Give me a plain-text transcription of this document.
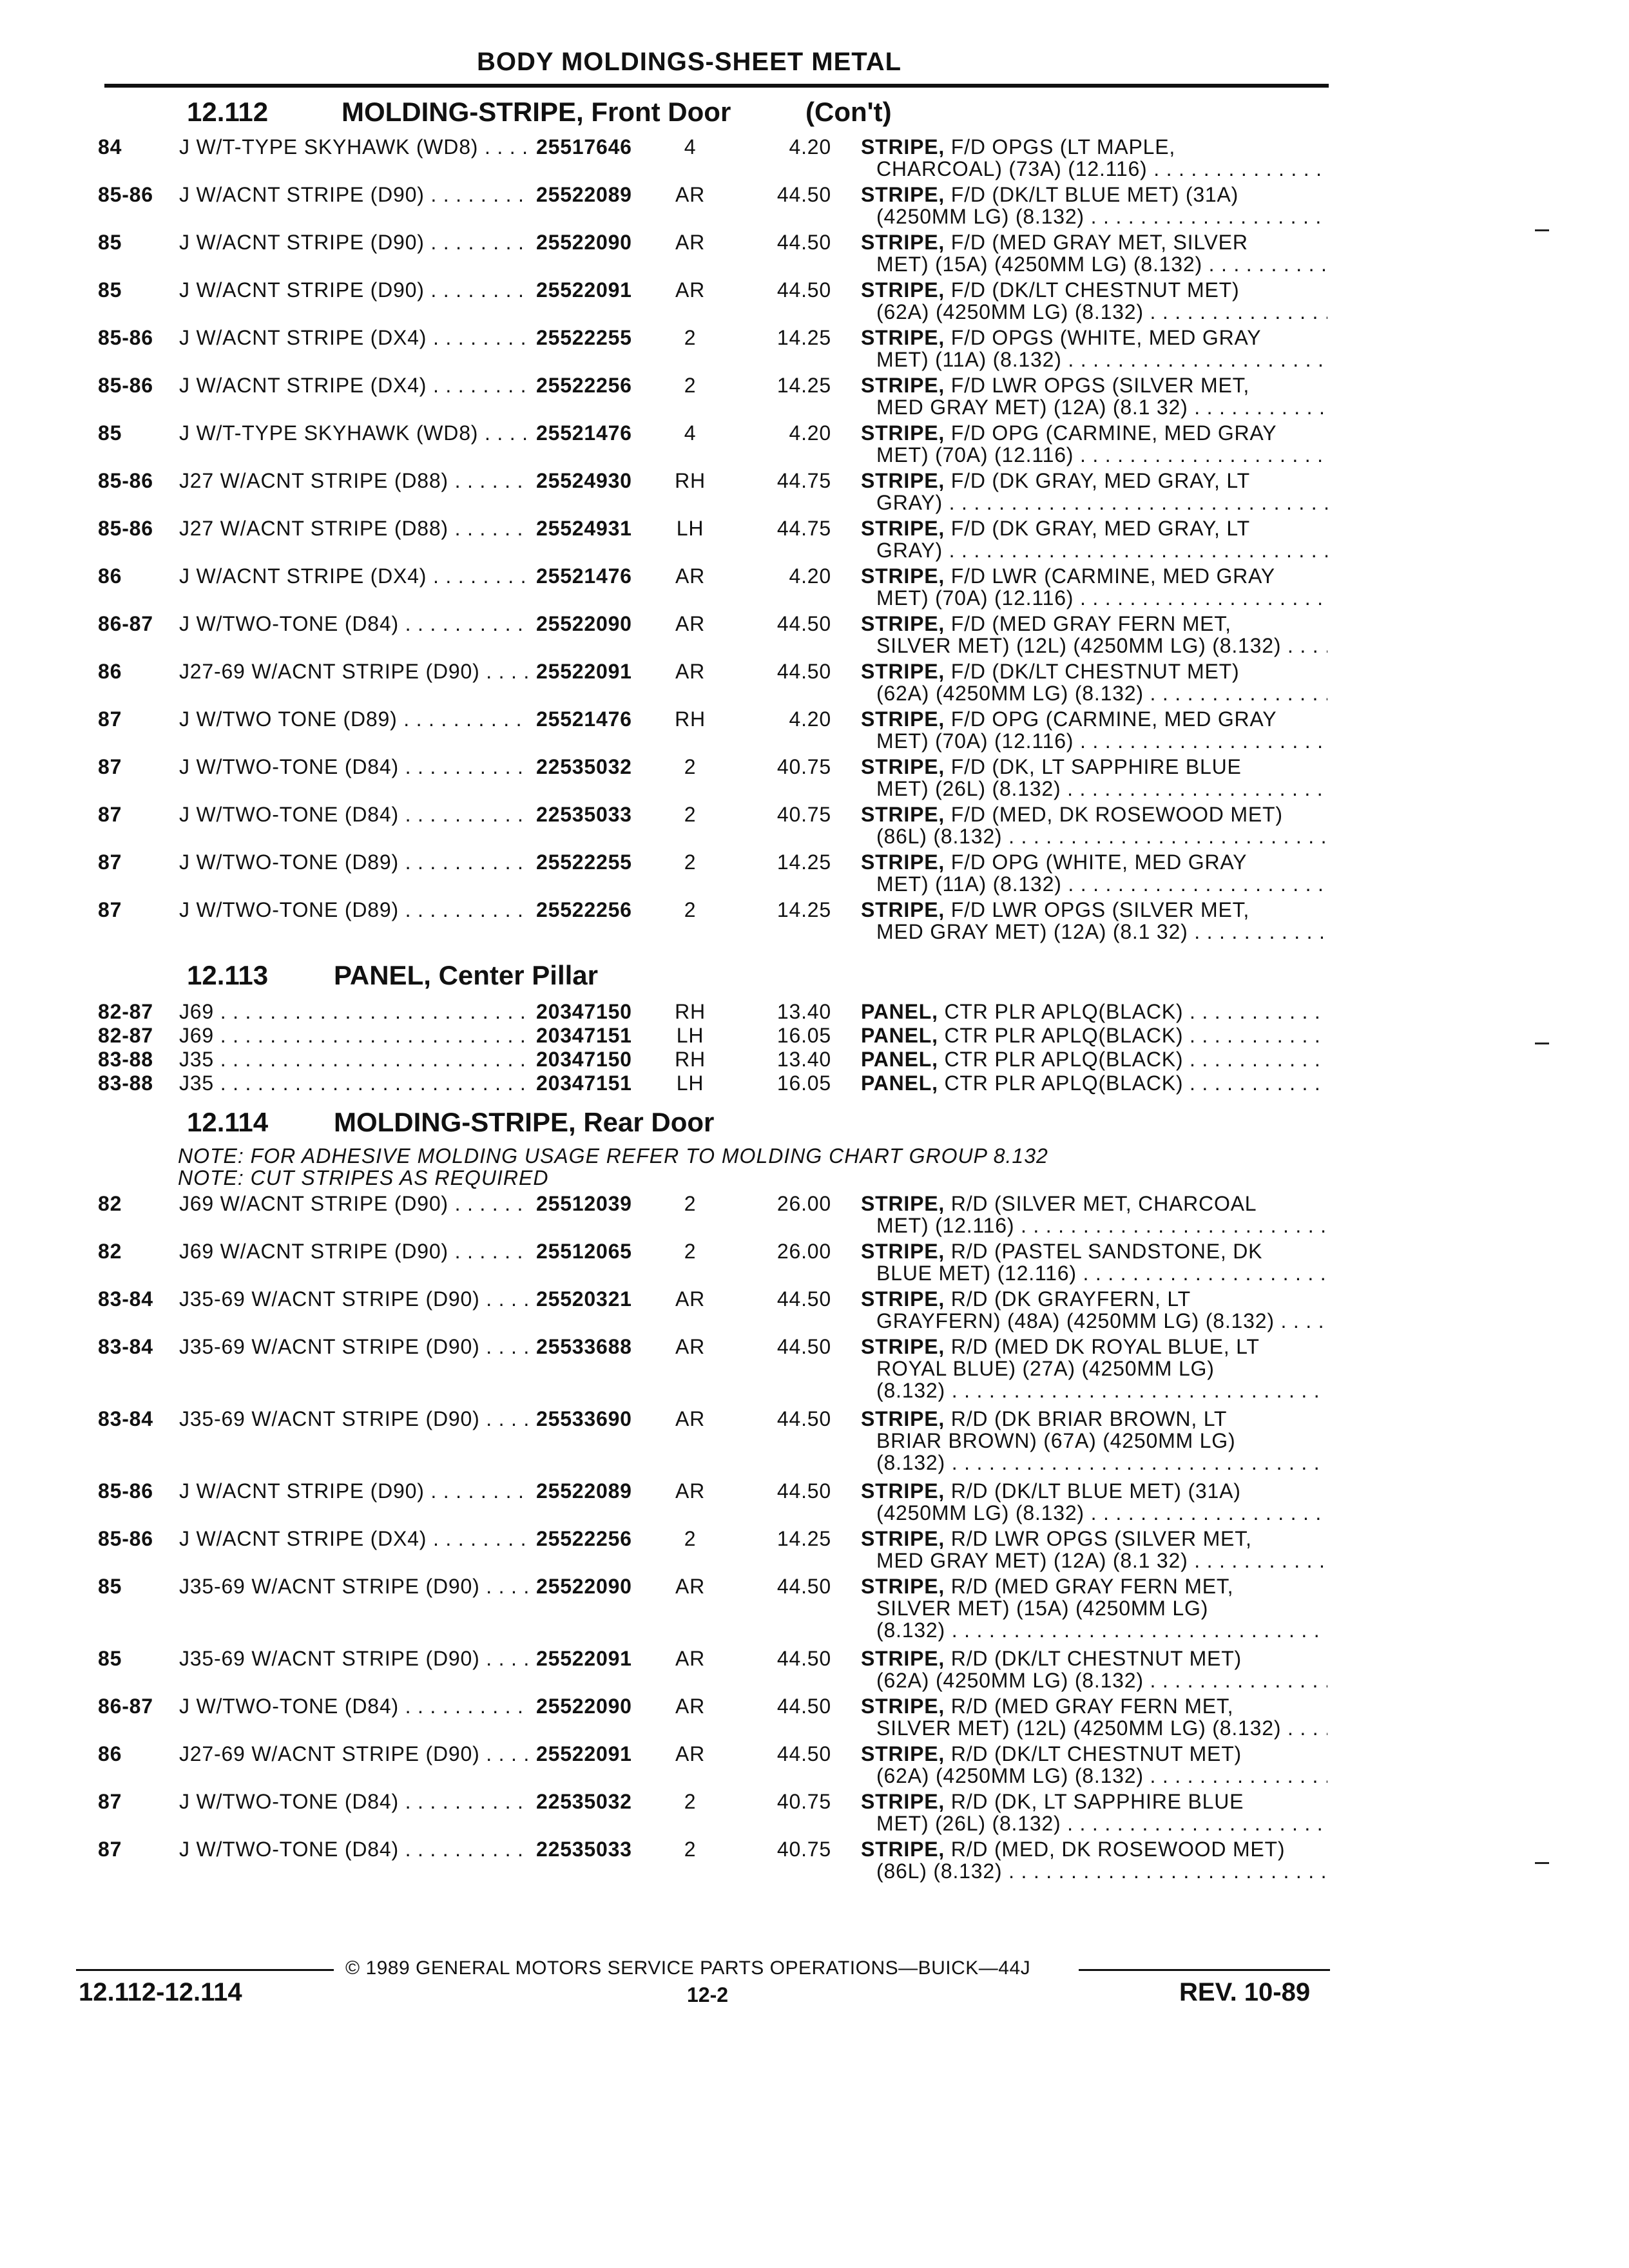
BODY MOLDINGS-SHEET METAL
12.112	MOLDING-STRIPE, Front Door	(Con't)
84	J W/T-TYPE SKYHAWK (WD8) . . .	25517646	4	4.20 STRIPE, F/D OPGS (LT MAPLE,
CHARCOAL) (73A) (12.116) . . .
85-86 J W/ACNT STRIPE (D90) . . .	25522089	AR	44.50 STRIPE, F/D (DK/LT BLUE MET) (31A)
(4250MM LG) (8.132) . . .
85	J W/ACNT STRIPE (D90) . . .	25522090	AR	44.50 STRIPE, F/D (MED GRAY MET, SILVER
MET) (15A) (4250MM LG) (8.132) . . .
85	J W/ACNT STRIPE (D90) . . .	25522091	AR	44.50 STRIPE, F/D (DK/LT CHESTNUT MET)
(62A) (4250MM LG) (8.132) . . .
85-86 J W/ACNT STRIPE (DX4) . . .	25522255	2	14.25 STRIPE, F/D OPGS (WHITE, MED GRAY
MET) (11A) (8.132) . . .
85-86 J W/ACNT STRIPE (DX4) . . .	25522256	2	14.25 STRIPE, F/D LWR OPGS (SILVER MET,
MED GRAY MET) (12A) (8.1 32) . . .
85	J W/T-TYPE SKYHAWK (WD8) . . .	25521476	4	4.20 STRIPE, F/D OPG (CARMINE, MED GRAY
MET) (70A) (12.116) . . .
85-86 J27 W/ACNT STRIPE (D88) . . .	25524930	RH	44.75 STRIPE, F/D (DK GRAY, MED GRAY, LT
GRAY) . . .
85-86 J27 W/ACNT STRIPE (D88) . . .	25524931	LH	44.75 STRIPE, F/D (DK GRAY, MED GRAY, LT
GRAY) . . .
86	J W/ACNT STRIPE (DX4) . . .	25521476	AR	4.20 STRIPE, F/D LWR (CARMINE, MED GRAY
MET) (70A) (12.116) . . .
86-87 J W/TWO-TONE (D84) . . .	25522090	AR	44.50 STRIPE, F/D (MED GRAY FERN MET,
SILVER MET) (12L) (4250MM LG) (8.132) . . .
86	J27-69 W/ACNT STRIPE (D90) . . .	25522091	AR	44.50 STRIPE, F/D (DK/LT CHESTNUT MET)
(62A) (4250MM LG) (8.132) . . .
87	J W/TWO TONE (D89) . . .	25521476	RH	4.20 STRIPE, F/D OPG (CARMINE, MED GRAY
MET) (70A) (12.116) . . .
87	J W/TWO-TONE (D84) . . .	22535032	2	40.75 STRIPE, F/D (DK, LT SAPPHIRE BLUE
MET) (26L) (8.132) . . .
87	J W/TWO-TONE (D84) . . .	22535033	2	40.75 STRIPE, F/D (MED, DK ROSEWOOD MET)
(86L) (8.132) . . .
87	J W/TWO-TONE (D89) . . .	25522255	2	14.25 STRIPE, F/D OPG (WHITE, MED GRAY
MET) (11A) (8.132) . . .
87	J W/TWO-TONE (D89) . . .	25522256	2	14.25 STRIPE, F/D LWR OPGS (SILVER MET,
MED GRAY MET) (12A) (8.1 32) . . .
12.113 PANEL, Center Pillar
82-87 J69 . . .	20347150	RH	13.40 PANEL, CTR PLR APLQ(BLACK) . . .
82-87 J69 . . .	20347151	LH	16.05 PANEL, CTR PLR APLQ(BLACK) . . .
83-88 J35 . . .	20347150	RH	13.40 PANEL, CTR PLR APLQ(BLACK) . . .
83-88 J35 . . .	20347151	LH	16.05 PANEL, CTR PLR APLQ(BLACK) . . .
12.114 MOLDING-STRIPE, Rear Door
NOTE: FOR ADHESIVE MOLDING USAGE REFER TO MOLDING CHART GROUP 8.132
NOTE: CUT STRIPES AS REQUIRED
82	J69 W/ACNT STRIPE (D90) . . .	25512039	2	26.00 STRIPE, R/D (SILVER MET, CHARCOAL
MET) (12.116) . . .
82	J69 W/ACNT STRIPE (D90) . . .	25512065	2	26.00 STRIPE, R/D (PASTEL SANDSTONE, DK
BLUE MET) (12.116) . . .
83-84 J35-69 W/ACNT STRIPE (D90) . . .	25520321	AR	44.50 STRIPE, R/D (DK GRAYFERN, LT
GRAYFERN) (48A) (4250MM LG) (8.132) . . .
83-84 J35-69 W/ACNT STRIPE (D90) . . .	25533688	AR	44.50 STRIPE, R/D (MED DK ROYAL BLUE, LT
ROYAL BLUE) (27A) (4250MM LG)
(8.132) . . .
83-84 J35-69 W/ACNT STRIPE (D90) . . .	25533690	AR	44.50 STRIPE, R/D (DK BRIAR BROWN, LT
BRIAR BROWN) (67A) (4250MM LG)
(8.132) . . .
85-86 J W/ACNT STRIPE (D90) . . .	25522089	AR	44.50 STRIPE, R/D (DK/LT BLUE MET) (31A)
(4250MM LG) (8.132) . . .
85-86 J W/ACNT STRIPE (DX4) . . .	25522256	2	14.25 STRIPE, R/D LWR OPGS (SILVER MET,
MED GRAY MET) (12A) (8.1 32) . . .
85	J35-69 W/ACNT STRIPE (D90) . . .	25522090	AR	44.50 STRIPE, R/D (MED GRAY FERN MET,
SILVER MET) (15A) (4250MM LG)
(8.132) . . .
85	J35-69 W/ACNT STRIPE (D90) . . .	25522091	AR	44.50 STRIPE, R/D (DK/LT CHESTNUT MET)
(62A) (4250MM LG) (8.132) . . .
86-87 J W/TWO-TONE (D84) . . .	25522090	AR	44.50 STRIPE, R/D (MED GRAY FERN MET,
SILVER MET) (12L) (4250MM LG) (8.132) . . .
86	J27-69 W/ACNT STRIPE (D90) . . .	25522091	AR	44.50 STRIPE, R/D (DK/LT CHESTNUT MET)
(62A) (4250MM LG) (8.132) . . .
87	J W/TWO-TONE (D84) . . .	22535032	2	40.75 STRIPE, R/D (DK, LT SAPPHIRE BLUE
MET) (26L) (8.132) . . .
87	J W/TWO-TONE (D84) . . .	22535033	2	40.75 STRIPE, R/D (MED, DK ROSEWOOD MET)
(86L) (8.132) . . .
© 1989 GENERAL MOTORS SERVICE PARTS OPERATIONS—BUICK—44J
12.112-12.114	12-2	REV. 10-89
